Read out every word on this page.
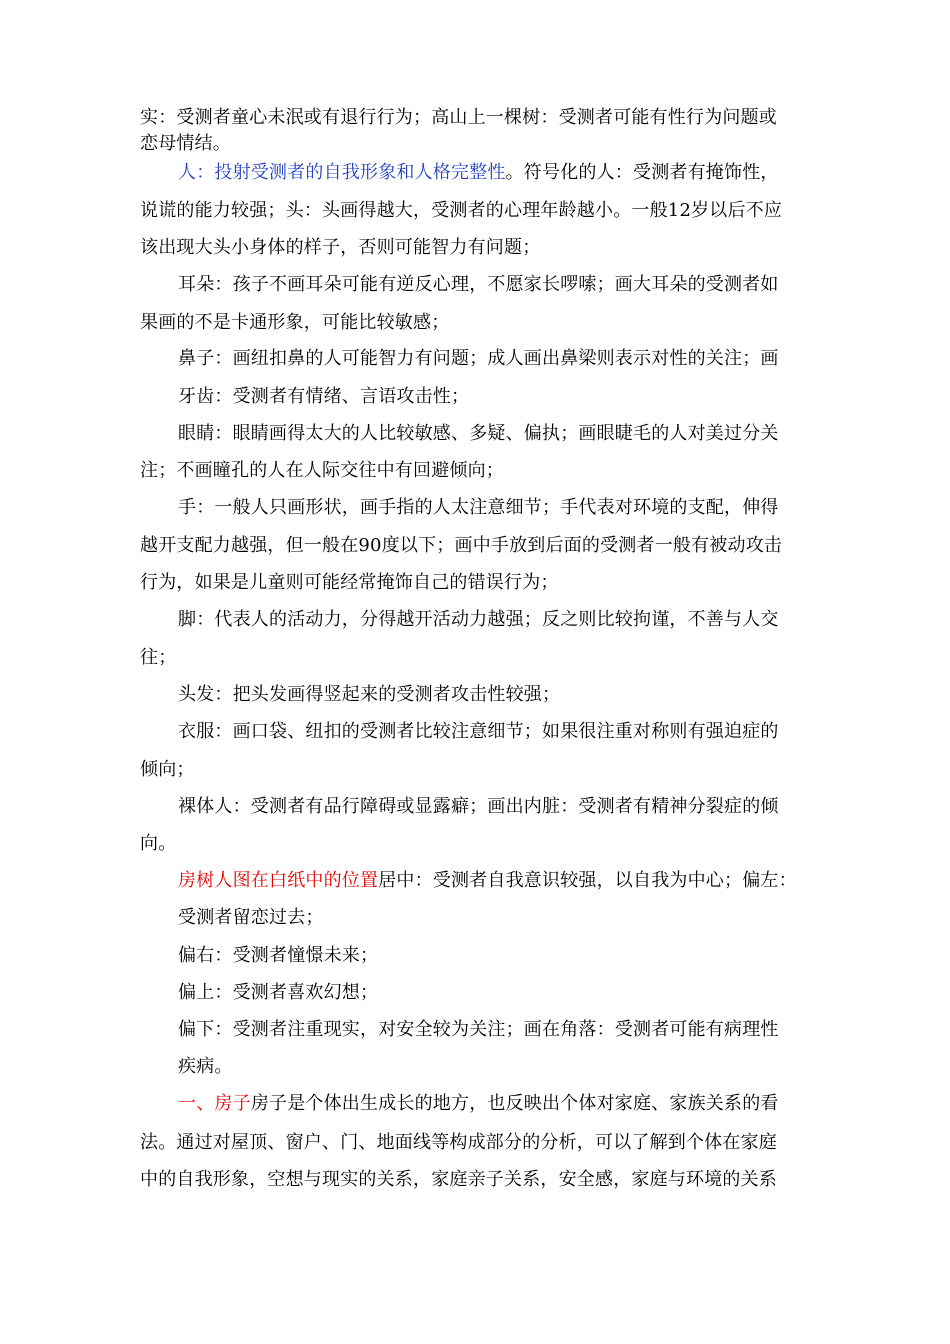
实：受测者童心未泯或有退行行为；高山上一棵树：受测者可能有性行为问题或
恋母情结。
人：投射受测者的自我形象和人格完整性。符号化的人：受测者有掩饰性，
说谎的能力较强；头：头画得越大，受测者的心理年龄越小。一般12岁以后不应
该出现大头小身体的样子，否则可能智力有问题；
耳朵：孩子不画耳朵可能有逆反心理，不愿家长啰嗦；画大耳朵的受测者如
果画的不是卡通形象，可能比较敏感；
鼻子：画纽扣鼻的人可能智力有问题；成人画出鼻梁则表示对性的关注；画
牙齿：受测者有情绪、言语攻击性；
眼睛：眼睛画得太大的人比较敏感、多疑、偏执；画眼睫毛的人对美过分关
注；不画瞳孔的人在人际交往中有回避倾向；
手：一般人只画形状，画手指的人太注意细节；手代表对环境的支配，伸得
越开支配力越强，但一般在90度以下；画中手放到后面的受测者一般有被动攻击
行为，如果是儿童则可能经常掩饰自己的错误行为；
脚：代表人的活动力，分得越开活动力越强；反之则比较拘谨，不善与人交
往；
头发：把头发画得竖起来的受测者攻击性较强；
衣服：画口袋、纽扣的受测者比较注意细节；如果很注重对称则有强迫症的
倾向；
裸体人：受测者有品行障碍或显露癖；画出内脏：受测者有精神分裂症的倾
向。
房树人图在白纸中的位置居中：受测者自我意识较强，以自我为中心；偏左：
受测者留恋过去；
偏右：受测者憧憬未来；
偏上：受测者喜欢幻想；
偏下：受测者注重现实，对安全较为关注；画在角落：受测者可能有病理性
疾病。
一、房子房子是个体出生成长的地方，也反映出个体对家庭、家族关系的看
法。通过对屋顶、窗户、门、地面线等构成部分的分析，可以了解到个体在家庭
中的自我形象，空想与现实的关系，家庭亲子关系，安全感，家庭与环境的关系
